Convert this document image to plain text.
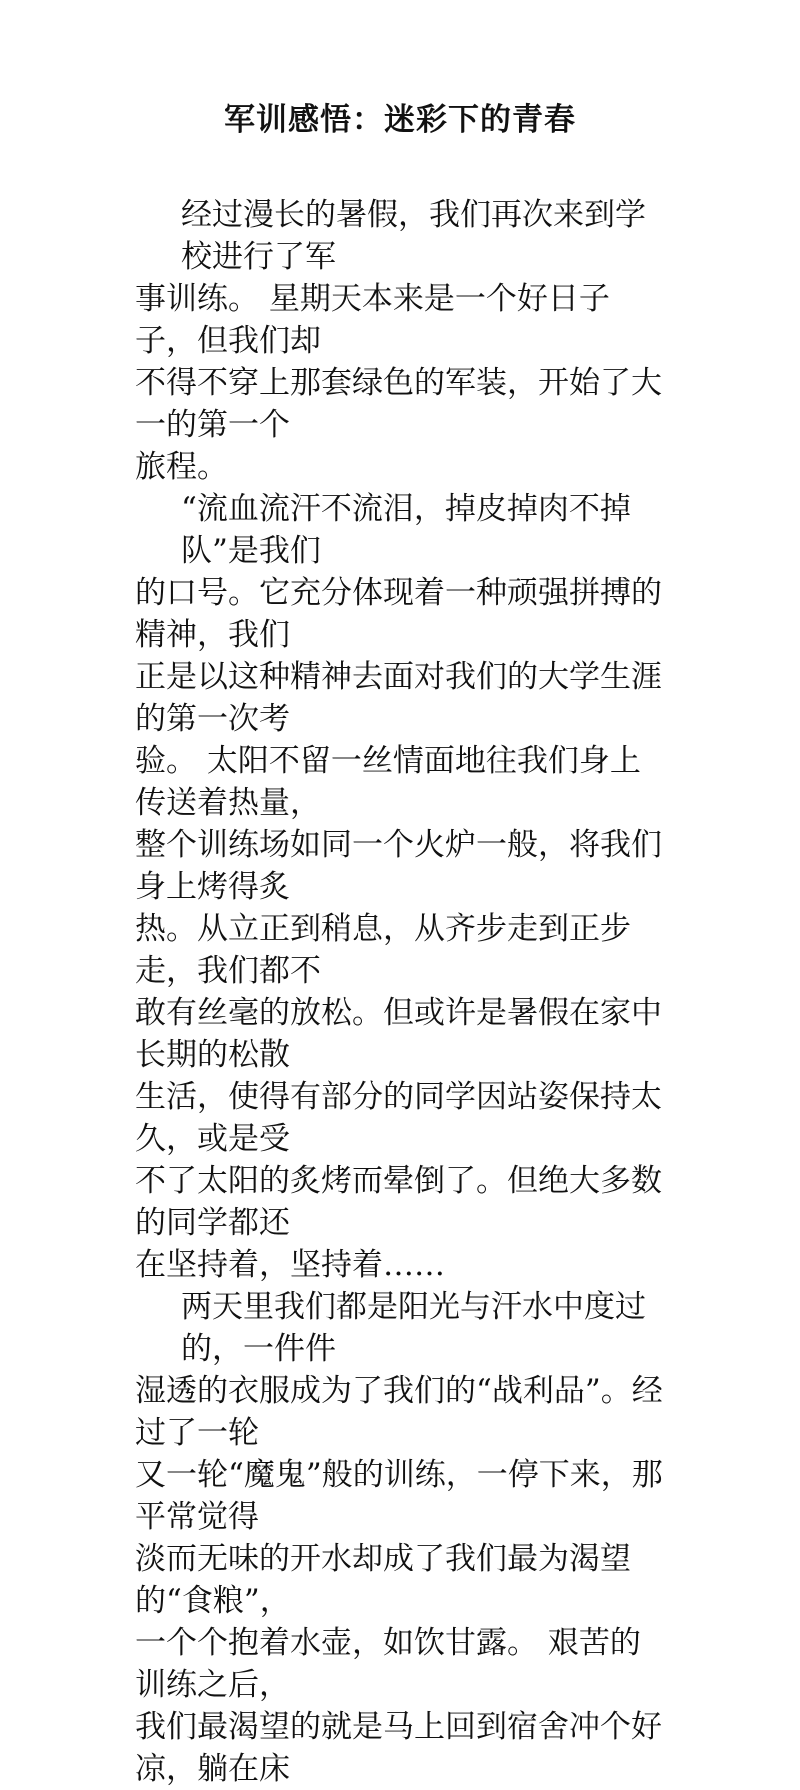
军训感悟：迷彩下的青春
经过漫长的暑假，我们再次来到学校进行了军
事训练。 星期天本来是一个好日子 子，但我们却
不得不穿上那套绿色的军装，开始了大一的第一个
旅程。
“流血流汗不流泪，掉皮掉肉不掉队”是我们
的口号。它充分体现着一种顽强拼搏的精神，我们
正是以这种精神去面对我们的大学生涯的第一次考
验。 太阳不留一丝情面地往我们身上传送着热量，
整个训练场如同一个火炉一般，将我们身上烤得炙
热。从立正到稍息，从齐步走到正步走，我们都不
敢有丝毫的放松。但或许是暑假在家中长期的松散
生活，使得有部分的同学因站姿保持太久，或是受
不了太阳的炙烤而晕倒了。但绝大多数的同学都还
在坚持着，坚持着……
两天里我们都是阳光与汗水中度过的，一件件
湿透的衣服成为了我们的“战利品”。经过了一轮
又一轮“魔鬼”般的训练，一停下来，那平常觉得
淡而无味的开水却成了我们最为渴望的“食粮”，
一个个抱着水壶，如饮甘露。 艰苦的训练之后，
我们最渴望的就是马上回到宿舍冲个好凉，躺在床
